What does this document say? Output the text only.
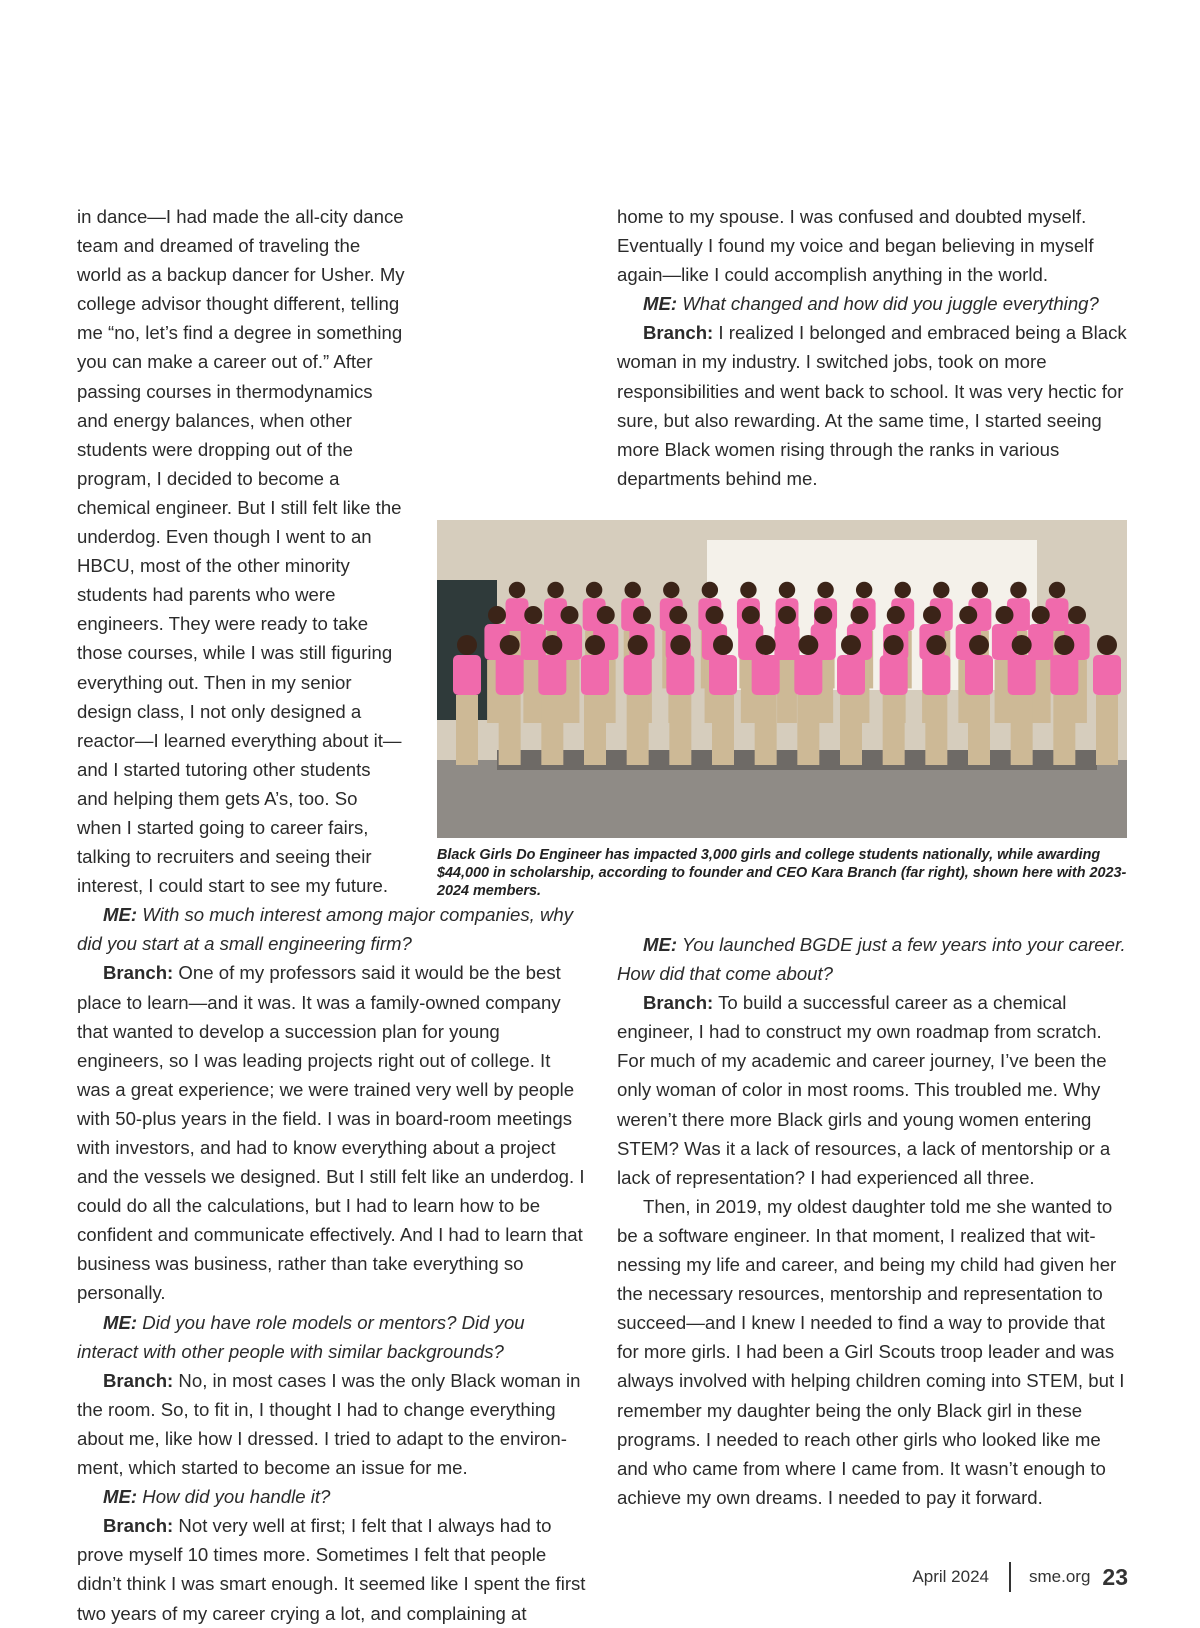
in dance—I had made the all-city dance team and dreamed of traveling the world as a backup dancer for Usher. My college advisor thought different, telling me “no, let’s find a degree in something you can make a career out of.” After passing courses in thermodynamics and energy balances, when other students were dropping out of the program, I decided to become a chemical engineer. But I still felt like the underdog. Even though I went to an HBCU, most of the other minority students had parents who were engineers. They were ready to take those courses, while I was still figuring everything out. Then in my senior design class, I not only designed a reactor—I learned everything about it—and I started tutoring other students and helping them gets A’s, too. So when I started going to career fairs, talking to recruiters and seeing their interest, I could start to see my future.

ME: With so much interest among major companies, why did you start at a small engineering firm?

Branch: One of my professors said it would be the best place to learn—and it was. It was a family-owned company that wanted to develop a succession plan for young engineers, so I was leading projects right out of college. It was a great experience; we were trained very well by people with 50-plus years in the field. I was in board-room meetings with investors, and had to know everything about a project and the vessels we designed. But I still felt like an underdog. I could do all the calculations, but I had to learn how to be confident and communicate effectively. And I had to learn that business was business, rather than take everything so personally.

ME: Did you have role models or mentors? Did you interact with other people with similar backgrounds?

Branch: No, in most cases I was the only Black woman in the room. So, to fit in, I thought I had to change everything about me, like how I dressed. I tried to adapt to the environ-ment, which started to become an issue for me.

ME: How did you handle it?

Branch: Not very well at first; I felt that I always had to prove myself 10 times more. Sometimes I felt that people didn’t think I was smart enough. It seemed like I spent the first two years of my career crying a lot, and complaining at

home to my spouse. I was confused and doubted myself. Eventually I found my voice and began believing in myself again—like I could accomplish anything in the world.

ME: What changed and how did you juggle everything?

Branch: I realized I belonged and embraced being a Black woman in my industry. I switched jobs, took on more responsibilities and went back to school. It was very hectic for sure, but also rewarding. At the same time, I started seeing more Black women rising through the ranks in various departments behind me.

Black Girls Do Engineer has impacted 3,000 girls and college students nationally, while awarding $44,000 in scholarship, according to founder and CEO Kara Branch (far right), shown here with 2023-2024 members.

ME: You launched BGDE just a few years into your career. How did that come about?

Branch: To build a successful career as a chemical engineer, I had to construct my own roadmap from scratch. For much of my academic and career journey, I’ve been the only woman of color in most rooms. This troubled me. Why weren’t there more Black girls and young women entering STEM? Was it a lack of resources, a lack of mentorship or a lack of representation? I had experienced all three.

Then, in 2019, my oldest daughter told me she wanted to be a software engineer. In that moment, I realized that wit-nessing my life and career, and being my child had given her the necessary resources, mentorship and representation to succeed—and I knew I needed to find a way to provide that for more girls. I had been a Girl Scouts troop leader and was always involved with helping children coming into STEM, but I remember my daughter being the only Black girl in these programs. I needed to reach other girls who looked like me and who came from where I came from. It wasn’t enough to achieve my own dreams. I needed to pay it forward.

April 2024 sme.org 23
